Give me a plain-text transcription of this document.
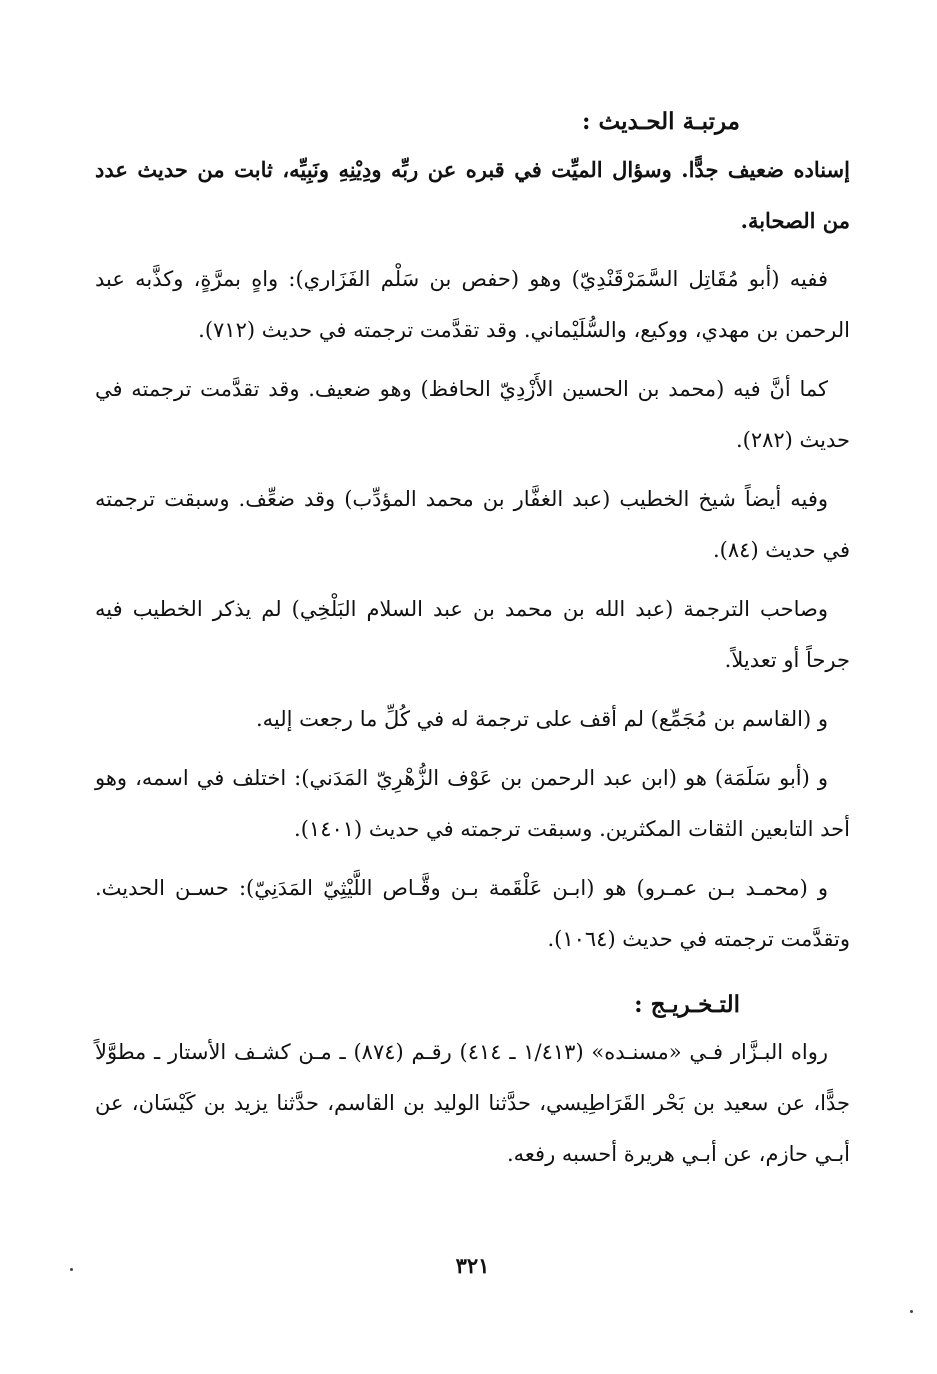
مرتبـة الحـديث :

إسناده ضعيف جدًّا. وسؤال الميِّت في قبره عن ربِّه ودِيْنِهِ ونَبِيِّه، ثابت من حديث عدد من الصحابة.

ففيه (أبو مُقَاتِل السَّمَرْقَنْدِيّ) وهو (حفص بن سَلْم الفَزَاري): واهٍ بمرَّةٍ، وكذَّبه عبد الرحمن بن مهدي، ووكيع، والسُّلَيْماني. وقد تقدَّمت ترجمته في حديث (٧١٢).

كما أنَّ فيه (محمد بن الحسين الأَزْدِيّ الحافظ) وهو ضعيف. وقد تقدَّمت ترجمته في حديث (٢٨٢).

وفيه أيضاً شيخ الخطيب (عبد الغفَّار بن محمد المؤدِّب) وقد ضعِّف. وسبقت ترجمته في حديث (٨٤).

وصاحب الترجمة (عبد الله بن محمد بن عبد السلام البَلْخِي) لم يذكر الخطيب فيه جرحاً أو تعديلاً.

و (القاسم بن مُجَمِّع) لم أقف على ترجمة له في كُلِّ ما رجعت إليه.

و (أبو سَلَمَة) هو (ابن عبد الرحمن بن عَوْف الزُّهْرِيّ المَدَني): اختلف في اسمه، وهو أحد التابعين الثقات المكثرين. وسبقت ترجمته في حديث (١٤٠١).

و (محمـد بـن عمـرو) هو (ابـن عَلْقَمة بـن وقَّـاص اللَّيْثِيّ المَدَنِيّ): حسـن الحديث. وتقدَّمت ترجمته في حديث (١٠٦٤).

التـخـريـج :

رواه البـزَّار فـي «مسنـده» (١/٤١٣ ـ ٤١٤) رقـم (٨٧٤) ـ مـن كشـف الأستار ـ مطوَّلاً جدًّا، عن سعيد بن بَحْر القَرَاطِيسي، حدَّثنا الوليد بن القاسم، حدَّثنا يزيد بن كَيْسَان، عن أبـي حازم، عن أبـي هريرة أحسبه رفعه.

٣٢١
